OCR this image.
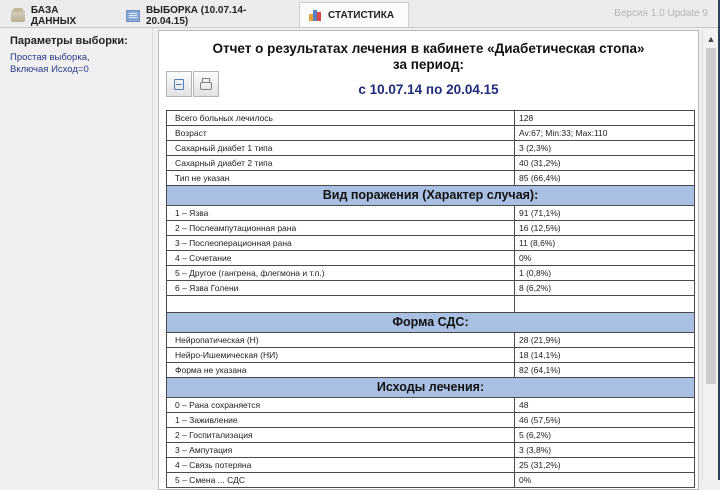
БАЗА ДАННЫХ
ВЫБОРКА (10.07.14-20.04.15)
СТАТИСТИКА	Версия 1.0 Update 9
Параметры выборки:
Простая выборка,
Включая Исход=0
Отчет о результатах лечения в кабинете «Диабетическая стопа»
за период:
с 10.07.14 по 20.04.15
Всего больных лечилось	128
Возраст	Av:67; Min:33; Max:110
Сахарный диабет 1 типа	3 (2,3%)
Сахарный диабет 2 типа	40 (31,2%)
Тип не указан	85 (66,4%)
Вид поражения (Характер случая):	
1 – Язва	91 (71,1%)
2 – Послеампутационная рана	16 (12,5%)
3 – Послеоперационная рана	11 (8,6%)
4 – Сочетание	0%
5 – Другое (гангрена, флегмона и т.п.)	1 (0,8%)
6 – Язва Голени	8 (6,2%)

Форма СДС:	
Нейропатическая (Н)	28 (21,9%)
Нейро-Ишемическая (НИ)	18 (14,1%)
Форма не указана	82 (64,1%)
Исходы лечения:	
0 – Рана сохраняется	48
1 – Заживление	46 (57,5%)
2 – Госпитализация	5 (6,2%)
3 – Ампутация	3 (3,8%)
4 – Связь потеряна	25 (31,2%)
5 – Смена ... СДС	0%
▲
